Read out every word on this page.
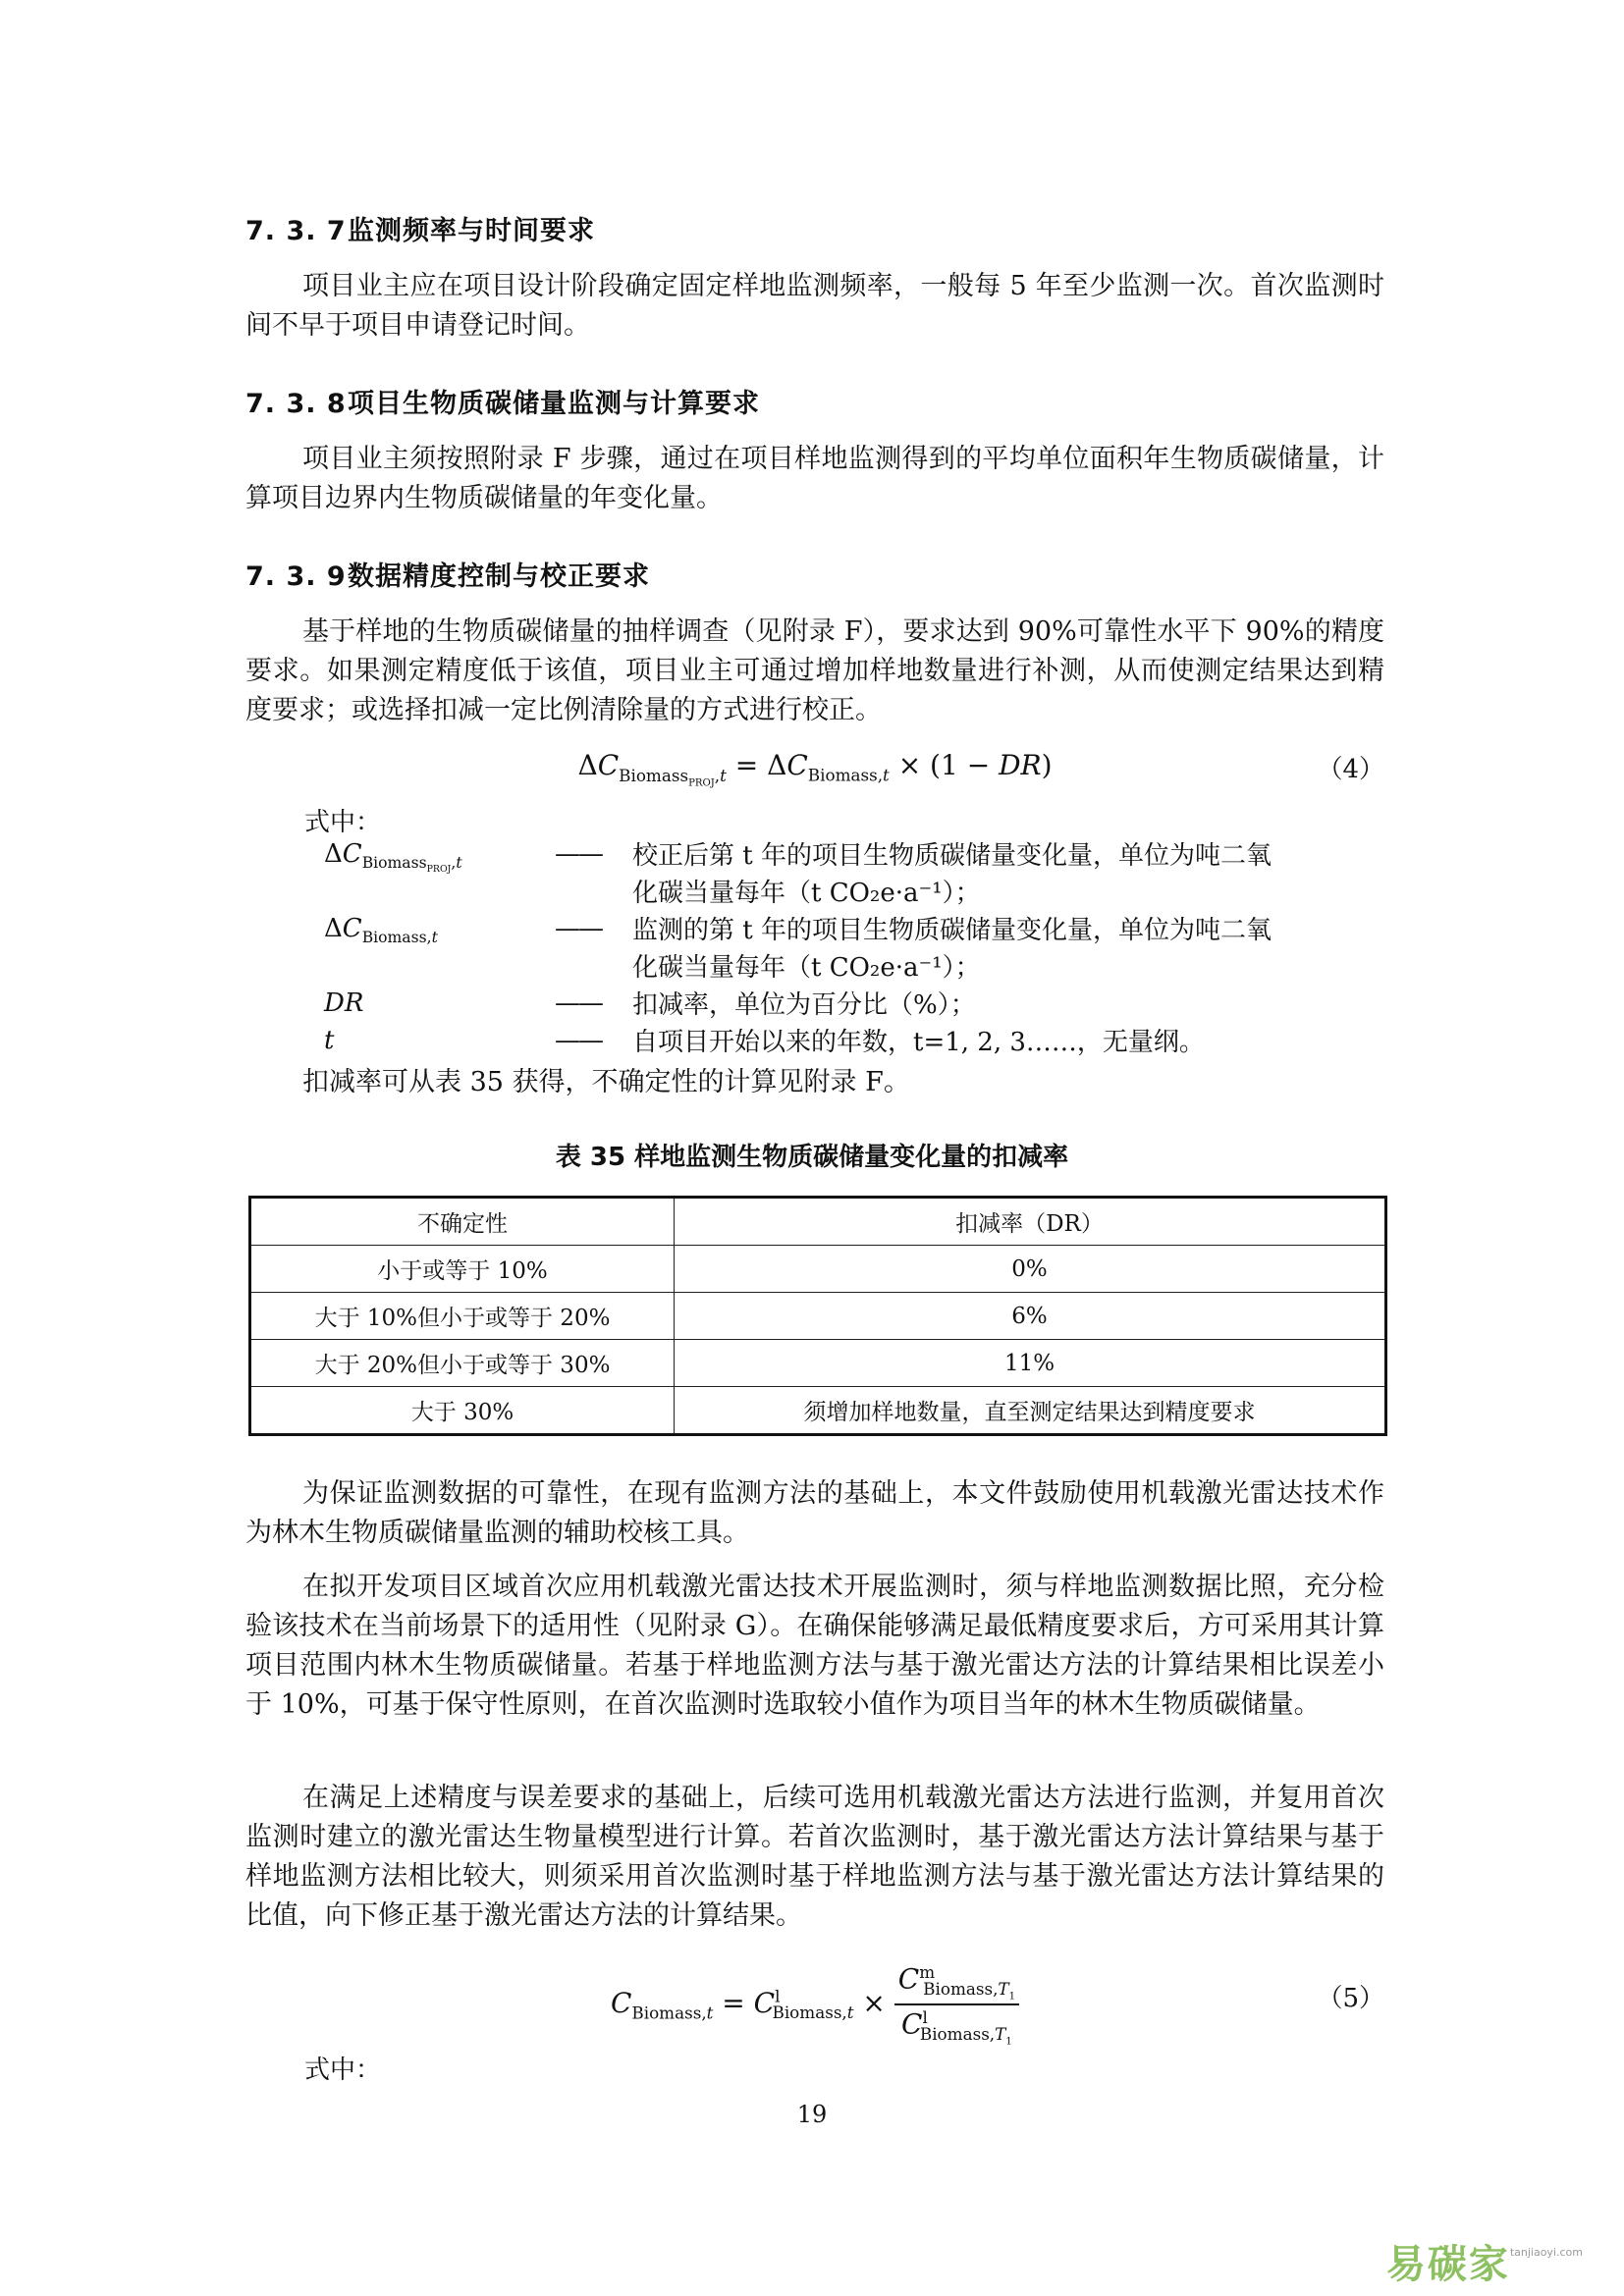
7. 3. 7监测频率与时间要求
项目业主应在项目设计阶段确定固定样地监测频率，一般每 5 年至少监测一次。首次监测时间不早于项目申请登记时间。
7. 3. 8项目生物质碳储量监测与计算要求
项目业主须按照附录 F 步骤，通过在项目样地监测得到的平均单位面积年生物质碳储量，计算项目边界内生物质碳储量的年变化量。
7. 3. 9数据精度控制与校正要求
基于样地的生物质碳储量的抽样调查（见附录 F），要求达到 90%可靠性水平下 90%的精度要求。如果测定精度低于该值，项目业主可通过增加样地数量进行补测，从而使测定结果达到精度要求；或选择扣减一定比例清除量的方式进行校正。
$\Delta C_{Biomass_{PROJ},t} = \Delta C_{Biomass,t} \times (1 - DR)$	（4）
式中：
$\Delta C_{Biomass_{PROJ},t}$	—— 校正后第 t 年的项目生物质碳储量变化量，单位为吨二氧
化碳当量每年（t CO₂e·a⁻¹）；
$\Delta C_{Biomass,t}$	—— 监测的第 t 年的项目生物质碳储量变化量，单位为吨二氧
化碳当量每年（t CO₂e·a⁻¹）；
DR	—— 扣减率，单位为百分比（%）；
t	—— 自项目开始以来的年数，t=1, 2, 3……，无量纲。
扣减率可从表 35 获得，不确定性的计算见附录 F。
表 35 样地监测生物质碳储量变化量的扣减率
不确定性	扣减率（DR）
小于或等于 10%	0%
大于 10%但小于或等于 20%	6%
大于 20%但小于或等于 30%	11%
大于 30%	须增加样地数量，直至测定结果达到精度要求
为保证监测数据的可靠性，在现有监测方法的基础上，本文件鼓励使用机载激光雷达技术作为林木生物质碳储量监测的辅助校核工具。
在拟开发项目区域首次应用机载激光雷达技术开展监测时，须与样地监测数据比照，充分检验该技术在当前场景下的适用性（见附录 G）。在确保能够满足最低精度要求后，方可采用其计算项目范围内林木生物质碳储量。若基于样地监测方法与基于激光雷达方法的计算结果相比误差小于 10%，可基于保守性原则，在首次监测时选取较小值作为项目当年的林木生物质碳储量。
在满足上述精度与误差要求的基础上，后续可选用机载激光雷达方法进行监测，并复用首次监测时建立的激光雷达生物量模型进行计算。若首次监测时，基于激光雷达方法计算结果与基于样地监测方法相比较大，则须采用首次监测时基于样地监测方法与基于激光雷达方法计算结果的比值，向下修正基于激光雷达方法的计算结果。
$C_{Biomass,t} = C^l_{Biomass,t} \times \frac{C^m_{Biomass,T_1}}{C^l_{Biomass,T_1}}$	（5）
式中：
19
易碳家$^{tanjiaoyi.com}$
